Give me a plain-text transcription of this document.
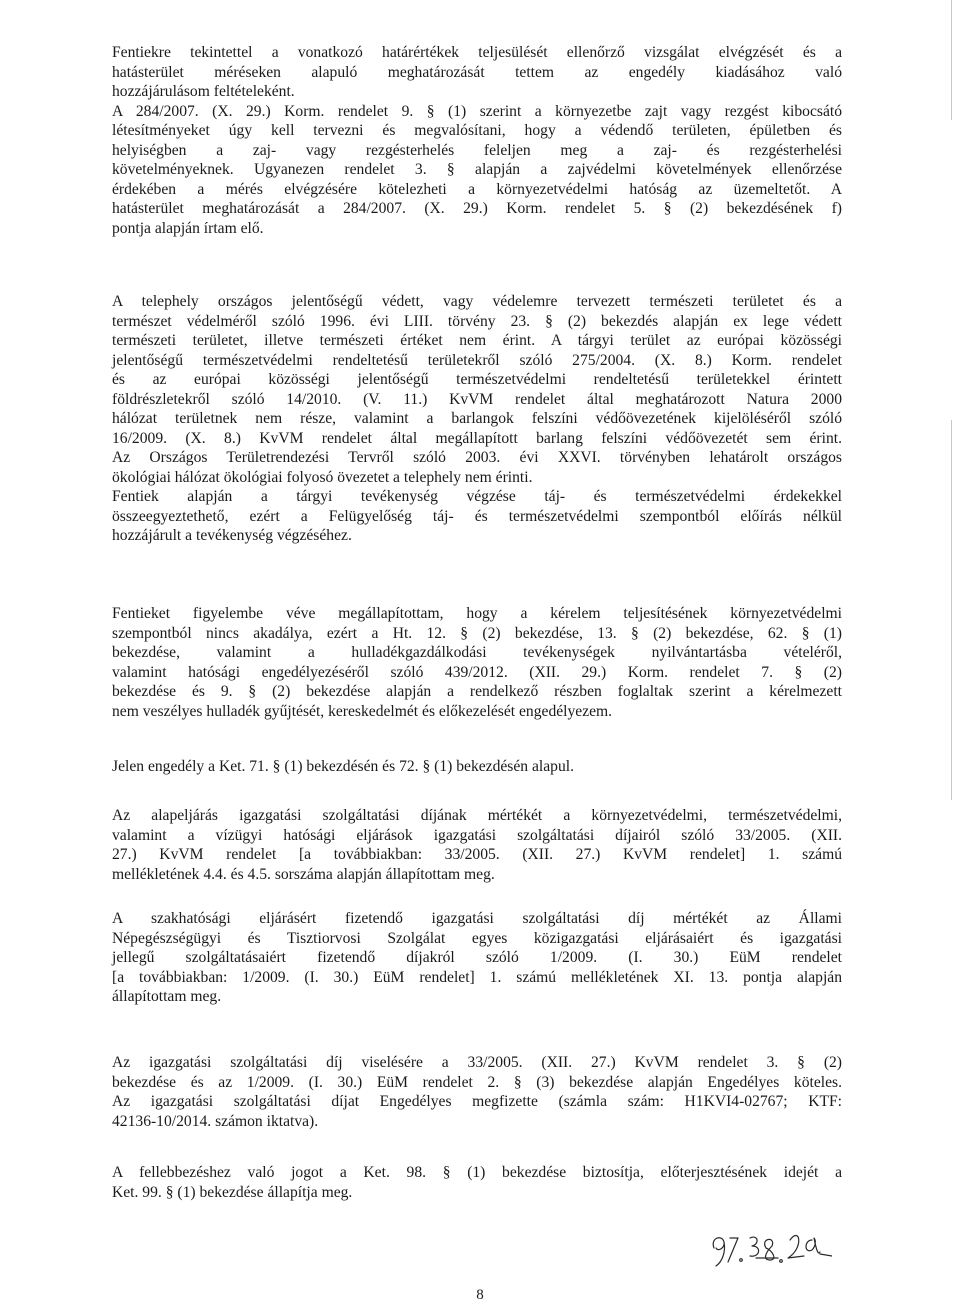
Fentiekre tekintettel a vonatkozó határértékek teljesülését ellenőrző vizsgálat elvégzését és a
hatásterület méréseken alapuló meghatározását tettem az engedély kiadásához való
hozzájárulásom feltételeként.
A 284/2007. (X. 29.) Korm. rendelet 9. § (1) szerint a környezetbe zajt vagy rezgést kibocsátó
létesítményeket úgy kell tervezni és megvalósítani, hogy a védendő területen, épületben és
helyiségben a zaj- vagy rezgésterhelés feleljen meg a zaj- és rezgésterhelési
követelményeknek. Ugyanezen rendelet 3. § alapján a zajvédelmi követelmények ellenőrzése
érdekében a mérés elvégzésére kötelezheti a környezetvédelmi hatóság az üzemeltetőt. A
hatásterület meghatározását a 284/2007. (X. 29.) Korm. rendelet 5. § (2) bekezdésének f)
pontja alapján írtam elő.
A telephely országos jelentőségű védett, vagy védelemre tervezett természeti területet és a
természet védelméről szóló 1996. évi LIII. törvény 23. § (2) bekezdés alapján ex lege védett
természeti területet, illetve természeti értéket nem érint. A tárgyi terület az európai közösségi
jelentőségű természetvédelmi rendeltetésű területekről szóló 275/2004. (X. 8.) Korm. rendelet
és az európai közösségi jelentőségű természetvédelmi rendeltetésű területekkel érintett
földrészletekről szóló 14/2010. (V. 11.) KvVM rendelet által meghatározott Natura 2000
hálózat területnek nem része, valamint a barlangok felszíni védőövezetének kijelöléséről szóló
16/2009. (X. 8.) KvVM rendelet által megállapított barlang felszíni védőövezetét sem érint.
Az Országos Területrendezési Tervről szóló 2003. évi XXVI. törvényben lehatárolt országos
ökológiai hálózat ökológiai folyosó övezetet a telephely nem érinti.
Fentiek alapján a tárgyi tevékenység végzése táj- és természetvédelmi érdekekkel
összeegyeztethető, ezért a Felügyelőség táj- és természetvédelmi szempontból előírás nélkül
hozzájárult a tevékenység végzéséhez.
Fentieket figyelembe véve megállapítottam, hogy a kérelem teljesítésének környezetvédelmi
szempontból nincs akadálya, ezért a Ht. 12. § (2) bekezdése, 13. § (2) bekezdése, 62. § (1)
bekezdése, valamint a hulladékgazdálkodási tevékenységek nyilvántartásba vételéről,
valamint hatósági engedélyezéséről szóló 439/2012. (XII. 29.) Korm. rendelet 7. § (2)
bekezdése és 9. § (2) bekezdése alapján a rendelkező részben foglaltak szerint a kérelmezett
nem veszélyes hulladék gyűjtését, kereskedelmét és előkezelését engedélyezem.
Jelen engedély a Ket. 71. § (1) bekezdésén és 72. § (1) bekezdésén alapul.
Az alapeljárás igazgatási szolgáltatási díjának mértékét a környezetvédelmi, természetvédelmi,
valamint a vízügyi hatósági eljárások igazgatási szolgáltatási díjairól szóló 33/2005. (XII.
27.) KvVM rendelet [a továbbiakban: 33/2005. (XII. 27.) KvVM rendelet] 1. számú
mellékletének 4.4. és 4.5. sorszáma alapján állapítottam meg.
A szakhatósági eljárásért fizetendő igazgatási szolgáltatási díj mértékét az Állami
Népegészségügyi és Tisztiorvosi Szolgálat egyes közigazgatási eljárásaiért és igazgatási
jellegű szolgáltatásaiért fizetendő díjakról szóló 1/2009. (I. 30.) EüM rendelet
[a továbbiakban: 1/2009. (I. 30.) EüM rendelet] 1. számú mellékletének XI. 13. pontja alapján
állapítottam meg.
Az igazgatási szolgáltatási díj viselésére a 33/2005. (XII. 27.) KvVM rendelet 3. § (2)
bekezdése és az 1/2009. (I. 30.) EüM rendelet 2. § (3) bekezdése alapján Engedélyes köteles.
Az igazgatási szolgáltatási díjat Engedélyes megfizette (számla szám: H1KVI4-02767; KTF:
42136-10/2014. számon iktatva).
A fellebbezéshez való jogot a Ket. 98. § (1) bekezdése biztosítja, előterjesztésének idejét a
Ket. 99. § (1) bekezdése állapítja meg.
8
